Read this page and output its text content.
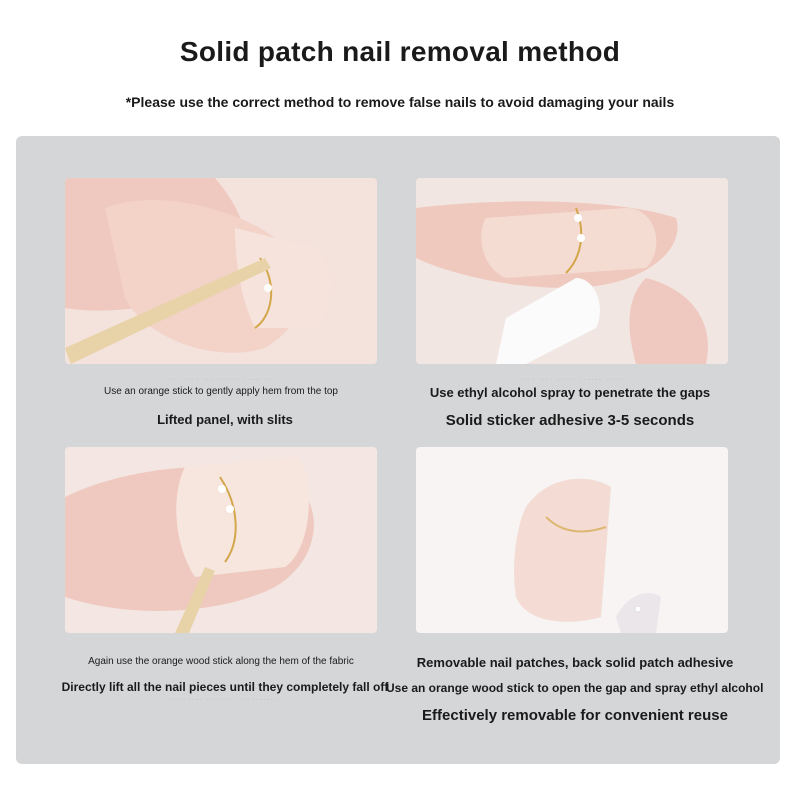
Solid patch nail removal method
*Please use the correct method to remove false nails to avoid damaging your nails
··· ···· ··· ······ ····· ··
Use an orange stick to gently apply hem from the top
Lifted panel, with slits
···· ···· ····· ······ ·····
Use ethyl alcohol spray to penetrate the gaps
Solid sticker adhesive 3-5 seconds
Again use the orange wood stick along the hem of the fabric
Directly lift all the nail pieces until they completely fall off
·········· ········ ··········
Removable nail patches, back solid patch adhesive
Use an orange wood stick to open the gap and spray ethyl alcohol
Effectively removable for convenient reuse
